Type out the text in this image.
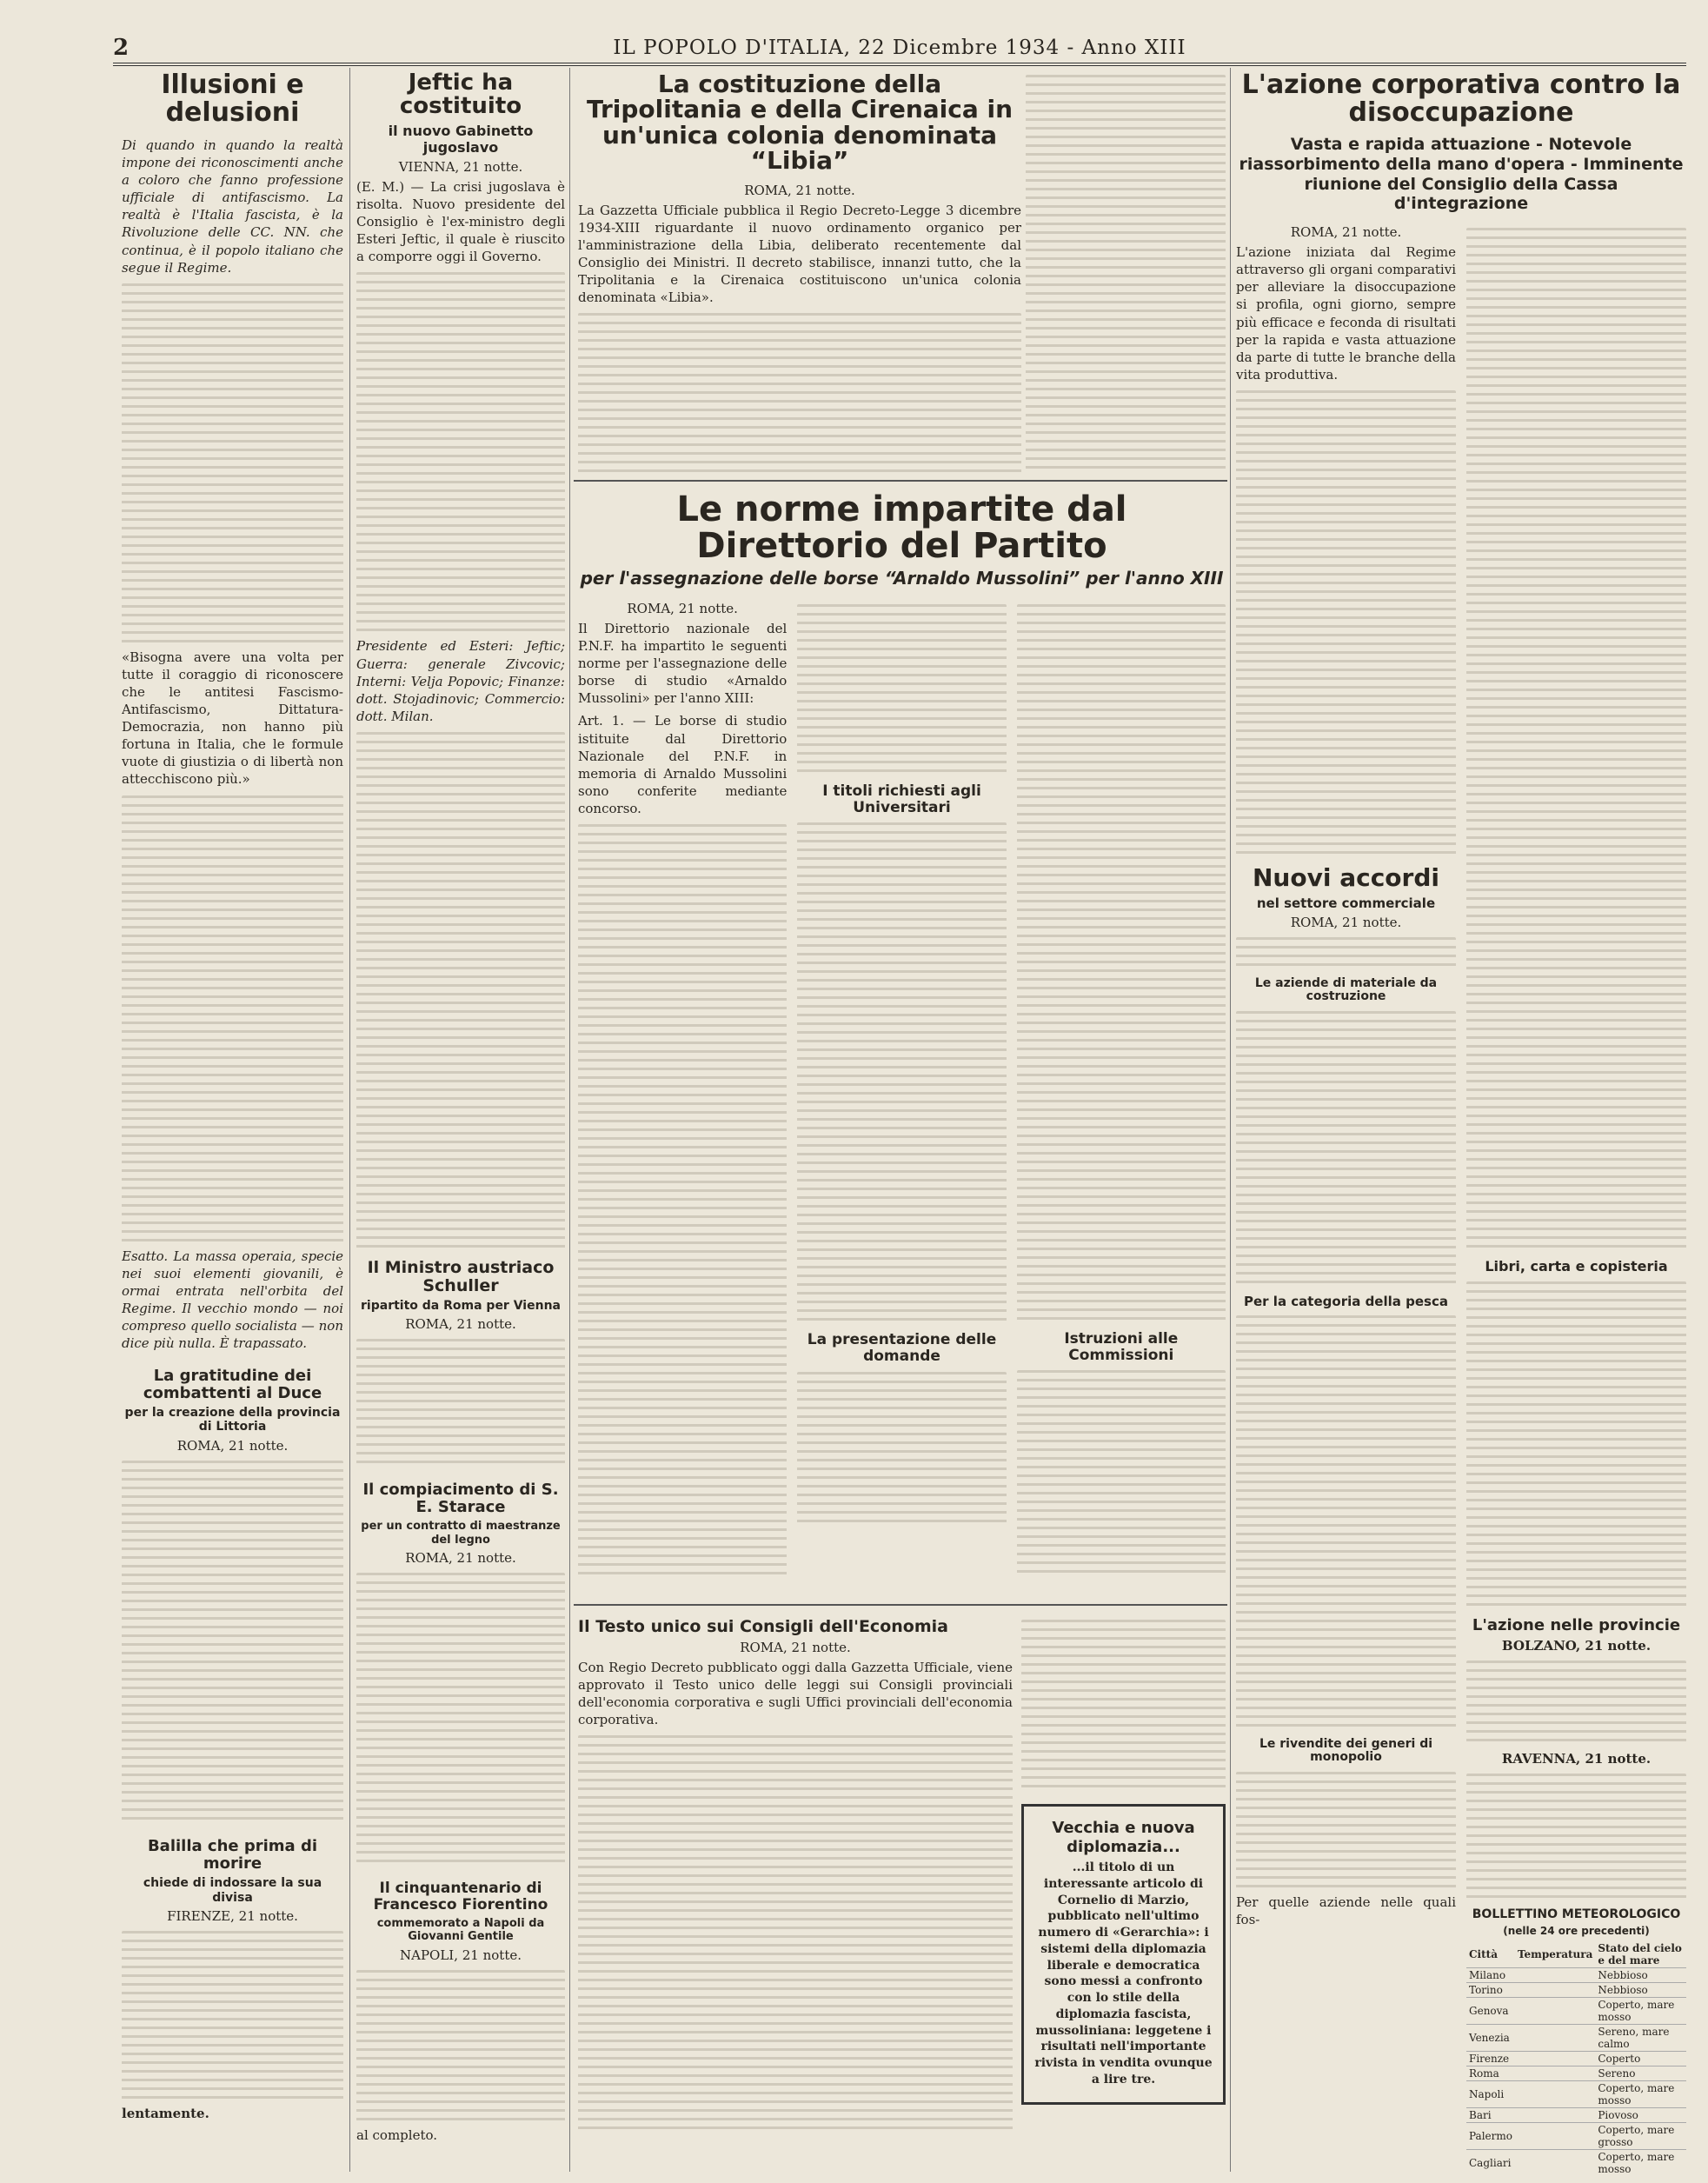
2	IL POPOLO D'ITALIA, 22 Dicembre 1934 - Anno XIII
Illusioni e delusioni

Di quando in quando la realtà impone dei riconoscimenti anche a coloro che fanno professione ufficiale di antifascismo. La realtà è l'Italia fascista, è la Rivoluzione delle CC. NN. che continua, è il popolo italiano che segue il Regime.

«Bisogna avere una volta per tutte il coraggio di riconoscere che le antitesi Fascismo-Antifascismo, Dittatura-Democrazia, non hanno più fortuna in Italia, che le formule vuote di giustizia o di libertà non attecchiscono più.»

Esatto. La massa operaia, specie nei suoi elementi giovanili, è ormai entrata nell'orbita del Regime. Il vecchio mondo — noi compreso quello socialista — non dice più nulla. È trapassato.

La gratitudine dei combattenti al Duce
per la creazione della provincia di Littoria
ROMA, 21 notte.
Balilla che prima di morire
chiede di indossare la sua divisa
FIRENZE, 21 notte.

lentamente.

Jeftic ha costituito
il nuovo Gabinetto jugoslavo
VIENNA, 21 notte.

(E. M.) — La crisi jugoslava è risolta. Nuovo presidente del Consiglio è l'ex-ministro degli Esteri Jeftic, il quale è riuscito a comporre oggi il Governo.

Presidente ed Esteri: Jeftic; Guerra: generale Zivcovic; Interni: Velja Popovic; Finanze: dott. Stojadinovic; Commercio: dott. Milan.

Il Ministro austriaco Schuller
ripartito da Roma per Vienna
ROMA, 21 notte.
Il compiacimento di S. E. Starace
per un contratto di maestranze del legno
ROMA, 21 notte.
Il cinquantenario di Francesco Fiorentino
commemorato a Napoli da Giovanni Gentile
NAPOLI, 21 notte.

al completo.

La costituzione della Tripolitania e della Cirenaica in un'unica colonia denominata “Libia”
ROMA, 21 notte.

La Gazzetta Ufficiale pubblica il Regio Decreto-Legge 3 dicembre 1934-XIII riguardante il nuovo ordinamento organico per l'amministrazione della Libia, deliberato recentemente dal Consiglio dei Ministri. Il decreto stabilisce, innanzi tutto, che la Tripolitania e la Cirenaica costituiscono un'unica colonia denominata «Libia».

Le norme impartite dal Direttorio del Partito
per l'assegnazione delle borse “Arnaldo Mussolini” per l'anno XIII
ROMA, 21 notte.

Il Direttorio nazionale del P.N.F. ha impartito le seguenti norme per l'assegnazione delle borse di studio «Arnaldo Mussolini» per l'anno XIII:

Art. 1. — Le borse di studio istituite dal Direttorio Nazionale del P.N.F. in memoria di Arnaldo Mussolini sono conferite mediante concorso.

I titoli richiesti agli Universitari
La presentazione delle domande
Istruzioni alle Commissioni
Il Testo unico sui Consigli dell'Economia
ROMA, 21 notte.

Con Regio Decreto pubblicato oggi dalla Gazzetta Ufficiale, viene approvato il Testo unico delle leggi sui Consigli provinciali dell'economia corporativa e sugli Uffici provinciali dell'economia corporativa.

Vecchia e nuova diplomazia...

...il titolo di un interessante articolo di Cornelio di Marzio, pubblicato nell'ultimo numero di «Gerarchia»: i sistemi della diplomazia liberale e democratica sono messi a confronto con lo stile della diplomazia fascista, mussoliniana: leggetene i risultati nell'importante rivista in vendita ovunque a lire tre.

L'azione corporativa contro la disoccupazione
Vasta e rapida attuazione - Notevole riassorbimento della mano d'opera - Imminente riunione del Consiglio della Cassa d'integrazione
ROMA, 21 notte.

L'azione iniziata dal Regime attraverso gli organi comparativi per alleviare la disoccupazione si profila, ogni giorno, sempre più efficace e feconda di risultati per la rapida e vasta attuazione da parte di tutte le branche della vita produttiva.

Nuovi accordi
nel settore commerciale
ROMA, 21 notte.
Le aziende di materiale da costruzione
Per la categoria della pesca
Le rivendite dei generi di monopolio

Per quelle aziende nelle quali fos-

Libri, carta e copisteria
L'azione nelle provincie
BOLZANO, 21 notte.
RAVENNA, 21 notte.
BOLLETTINO METEOROLOGICO
(nelle 24 ore precedenti)
Città	Temperatura	Stato del cielo e del mare
Milano		Nebbioso
Torino		Nebbioso
Genova		Coperto, mare mosso
Venezia		Sereno, mare calmo
Firenze		Coperto
Roma		Sereno
Napoli		Coperto, mare mosso
Bari		Piovoso
Palermo		Coperto, mare grosso
Cagliari		Coperto, mare mosso
